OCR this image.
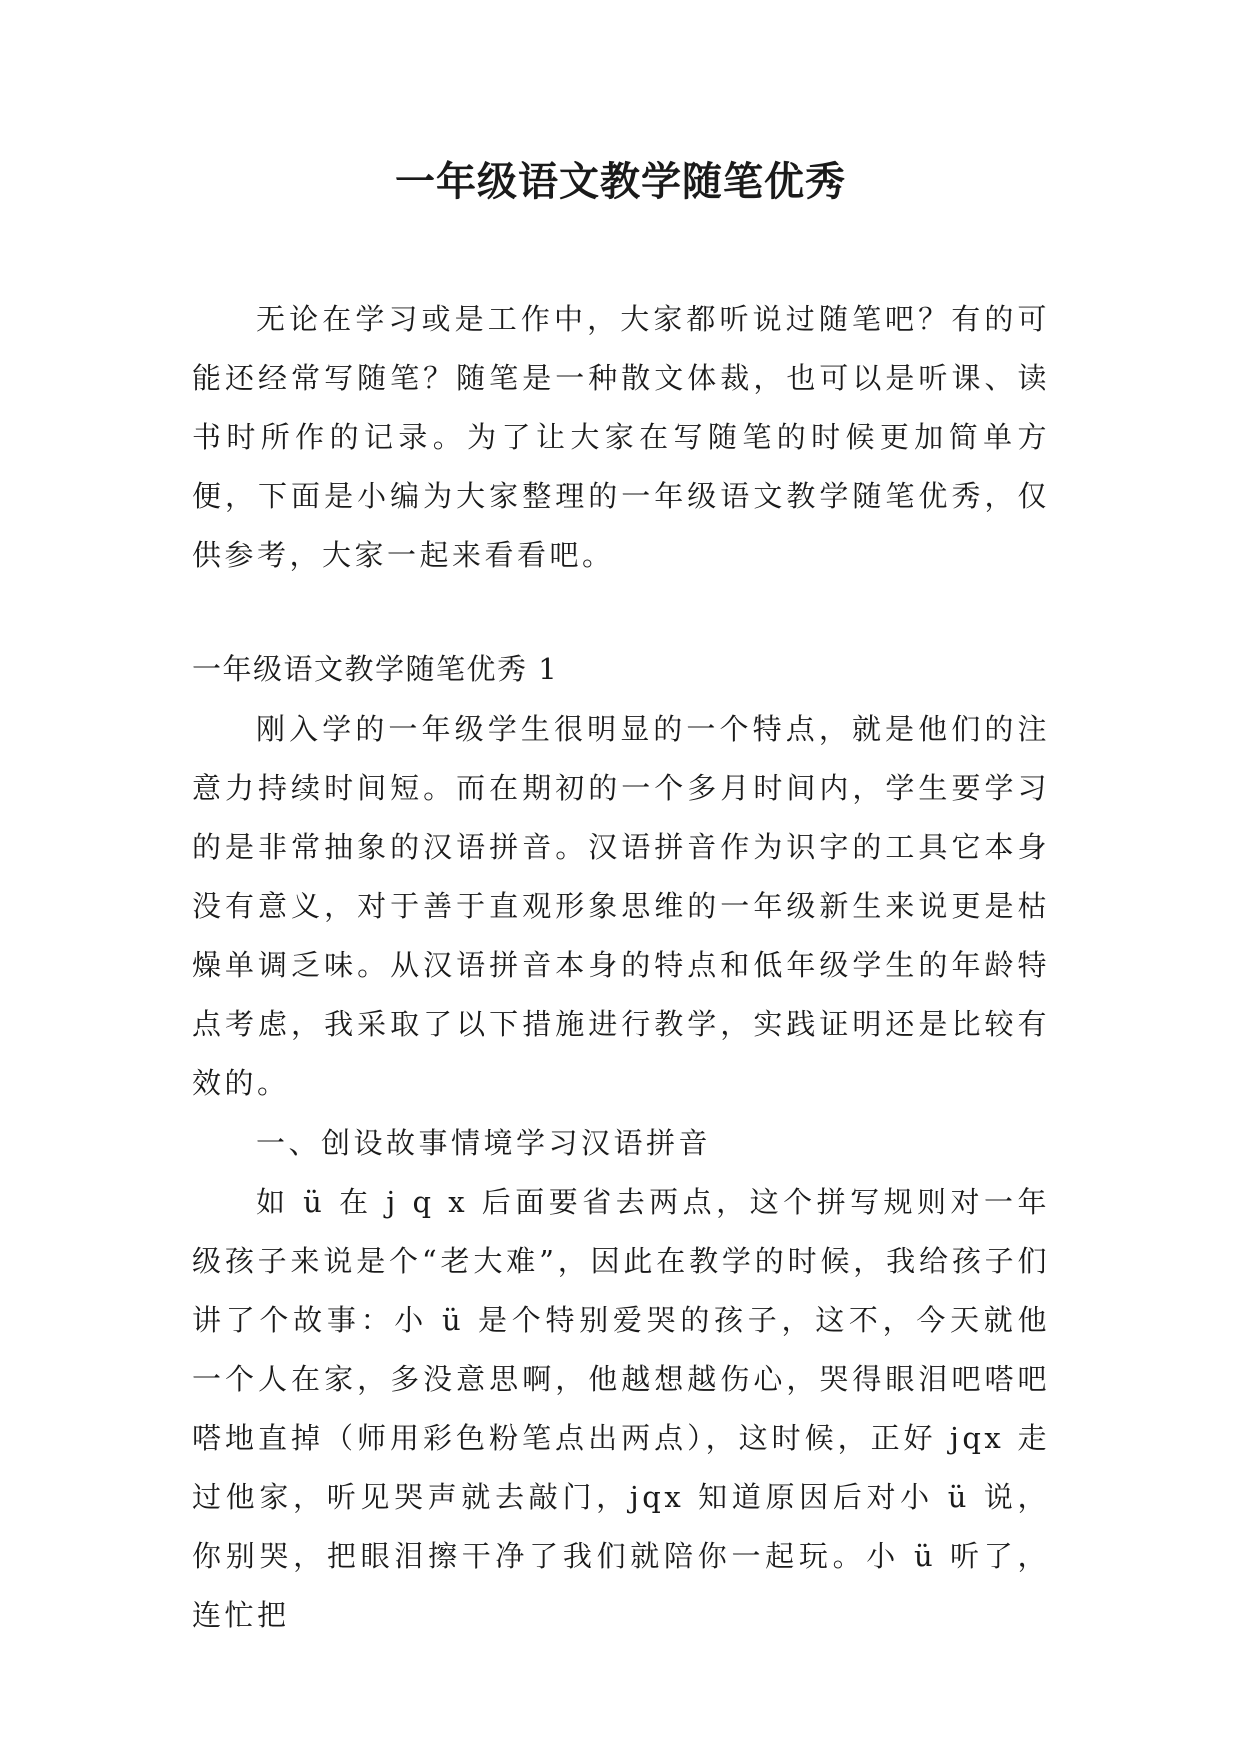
一年级语文教学随笔优秀

无论在学习或是工作中，大家都听说过随笔吧？有的可能还经常写随笔？随笔是一种散文体裁，也可以是听课、读书时所作的记录。为了让大家在写随笔的时候更加简单方便，下面是小编为大家整理的一年级语文教学随笔优秀，仅供参考，大家一起来看看吧。

一年级语文教学随笔优秀 1

刚入学的一年级学生很明显的一个特点，就是他们的注意力持续时间短。而在期初的一个多月时间内，学生要学习的是非常抽象的汉语拼音。汉语拼音作为识字的工具它本身没有意义，对于善于直观形象思维的一年级新生来说更是枯燥单调乏味。从汉语拼音本身的特点和低年级学生的年龄特点考虑，我采取了以下措施进行教学，实践证明还是比较有效的。

一、创设故事情境学习汉语拼音

如 ü 在 j q x 后面要省去两点，这个拼写规则对一年级孩子来说是个“老大难”，因此在教学的时候，我给孩子们讲了个故事：小 ü 是个特别爱哭的孩子，这不，今天就他一个人在家，多没意思啊，他越想越伤心，哭得眼泪吧嗒吧嗒地直掉（师用彩色粉笔点出两点），这时候，正好 jqx 走过他家，听见哭声就去敲门，jqx 知道原因后对小 ü 说，你别哭，把眼泪擦干净了我们就陪你一起玩。小 ü 听了，连忙把
